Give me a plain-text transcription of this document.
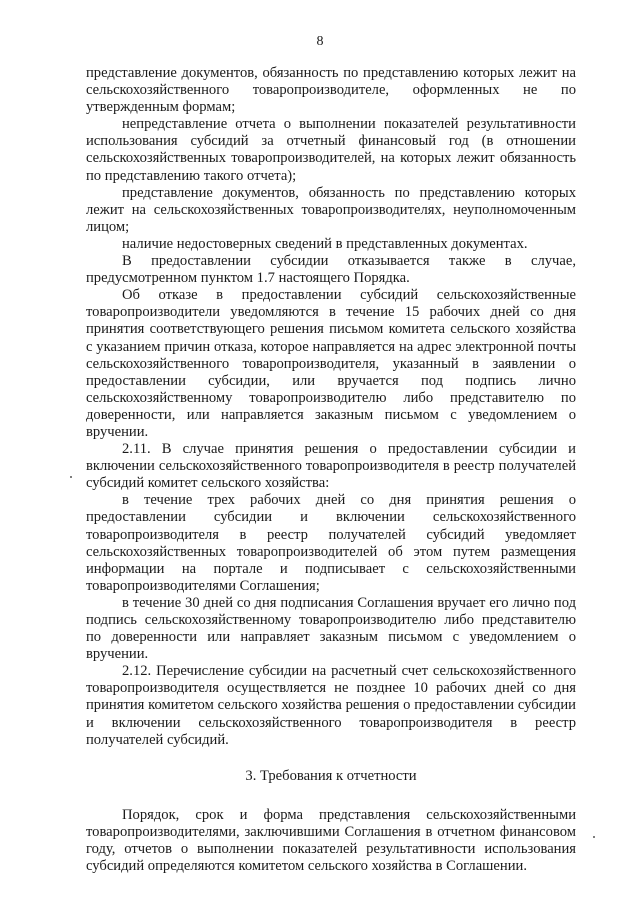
8

представление документов, обязанность по представлению которых лежит на сельскохозяйственного товаропроизводителе, оформленных не по утвержденным формам;

непредставление отчета о выполнении показателей результативности использования субсидий за отчетный финансовый год (в отношении сельскохозяйственных товаропроизводителей, на которых лежит обязанность по представлению такого отчета);

представление документов, обязанность по представлению которых лежит на сельскохозяйственных товаропроизводителях, неуполномоченным лицом;

наличие недостоверных сведений в представленных документах.

В предоставлении субсидии отказывается также в случае, предусмотренном пунктом 1.7 настоящего Порядка.

Об отказе в предоставлении субсидий сельскохозяйственные товаропроизводители уведомляются в течение 15 рабочих дней со дня принятия соответствующего решения письмом комитета сельского хозяйства с указанием причин отказа, которое направляется на адрес электронной почты сельскохозяйственного товаропроизводителя, указанный в заявлении о предоставлении субсидии, или вручается под подпись лично сельскохозяйственному товаропроизводителю либо представителю по доверенности, или направляется заказным письмом с уведомлением о вручении.

2.11. В случае принятия решения о предоставлении субсидии и включении сельскохозяйственного товаропроизводителя в реестр получателей субсидий комитет сельского хозяйства:

в течение трех рабочих дней со дня принятия решения о предоставлении субсидии и включении сельскохозяйственного товаропроизводителя в реестр получателей субсидий уведомляет сельскохозяйственных товаропроизводителей об этом путем размещения информации на портале и подписывает с сельскохозяйственными товаропроизводителями Соглашения;

в течение 30 дней со дня подписания Соглашения вручает его лично под подпись сельскохозяйственному товаропроизводителю либо представителю по доверенности или направляет заказным письмом с уведомлением о вручении.

2.12. Перечисление субсидии на расчетный счет сельскохозяйственного товаропроизводителя осуществляется не позднее 10 рабочих дней со дня принятия комитетом сельского хозяйства решения о предоставлении субсидии и включении сельскохозяйственного товаропроизводителя в реестр получателей субсидий.

3. Требования к отчетности

Порядок, срок и форма представления сельскохозяйственными товаропроизводителями, заключившими Соглашения в отчетном финансовом году, отчетов о выполнении показателей результативности использования субсидий определяются комитетом сельского хозяйства в Соглашении.
